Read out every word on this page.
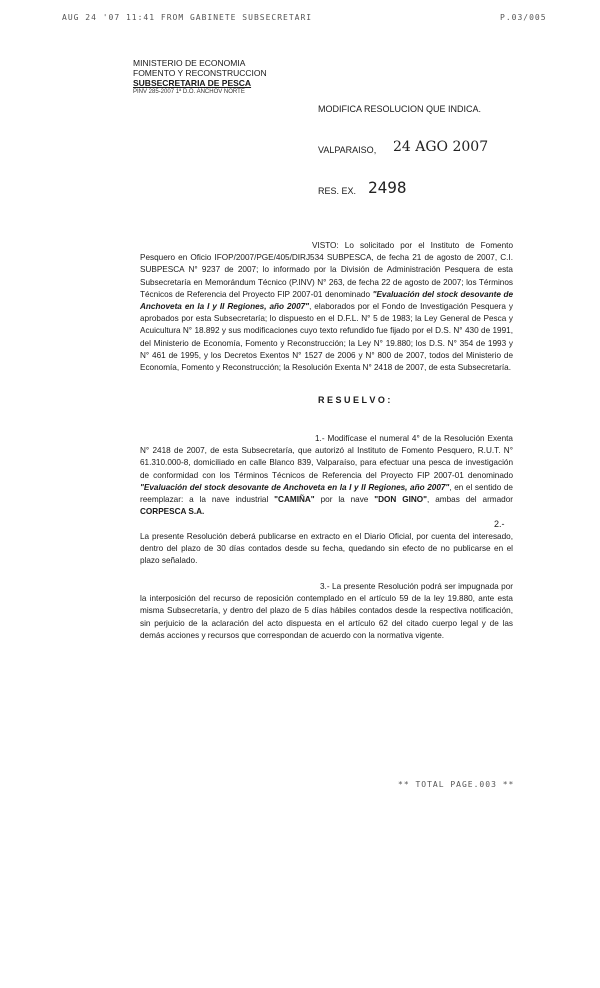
AUG 24 '07 11:41 FROM GABINETE SUBSECRETARI	P.03/005
MINISTERIO DE ECONOMIA
FOMENTO Y RECONSTRUCCION
SUBSECRETARIA DE PESCA
PINV 285-2007 1ª D.O. ANCHOV NORTE
MODIFICA RESOLUCION QUE INDICA.
VALPARAISO, 24 AGO 2007
RES. EX. 2498
VISTO: Lo solicitado por el Instituto de Fomento Pesquero en Oficio IFOP/2007/PGE/405/DIRJ534 SUBPESCA, de fecha 21 de agosto de 2007, C.I. SUBPESCA N° 9237 de 2007; lo informado por la División de Administración Pesquera de esta Subsecretaría en Memorándum Técnico (P.INV) N° 263, de fecha 22 de agosto de 2007; los Términos Técnicos de Referencia del Proyecto FIP 2007-01 denominado "Evaluación del stock desovante de Anchoveta en la I y II Regiones, año 2007", elaborados por el Fondo de Investigación Pesquera y aprobados por esta Subsecretaría; lo dispuesto en el D.F.L. N° 5 de 1983; la Ley General de Pesca y Acuicultura N° 18.892 y sus modificaciones cuyo texto refundido fue fijado por el D.S. N° 430 de 1991, del Ministerio de Economía, Fomento y Reconstrucción; la Ley N° 19.880; los D.S. N° 354 de 1993 y N° 461 de 1995, y los Decretos Exentos N° 1527 de 2006 y N° 800 de 2007, todos del Ministerio de Economía, Fomento y Reconstrucción; la Resolución Exenta N° 2418 de 2007, de esta Subsecretaría.
R E S U E L V O :
1.- Modifícase el numeral 4° de la Resolución Exenta N° 2418 de 2007, de esta Subsecretaría, que autorizó al Instituto de Fomento Pesquero, R.U.T. N° 61.310.000-8, domiciliado en calle Blanco 839, Valparaíso, para efectuar una pesca de investigación de conformidad con los Términos Técnicos de Referencia del Proyecto FIP 2007-01 denominado "Evaluación del stock desovante de Anchoveta en la I y II Regiones, año 2007", en el sentido de reemplazar: a la nave industrial "CAMIÑA" por la nave "DON GINO", ambas del armador CORPESCA S.A.
2.-
La presente Resolución deberá publicarse en extracto en el Diario Oficial, por cuenta del interesado, dentro del plazo de 30 días contados desde su fecha, quedando sin efecto de no publicarse en el plazo señalado.
3.- La presente Resolución podrá ser impugnada por la interposición del recurso de reposición contemplado en el artículo 59 de la ley 19.880, ante esta misma Subsecretaría, y dentro del plazo de 5 días hábiles contados desde la respectiva notificación, sin perjuicio de la aclaración del acto dispuesta en el artículo 62 del citado cuerpo legal y de las demás acciones y recursos que correspondan de acuerdo con la normativa vigente.
** TOTAL PAGE.003 **
